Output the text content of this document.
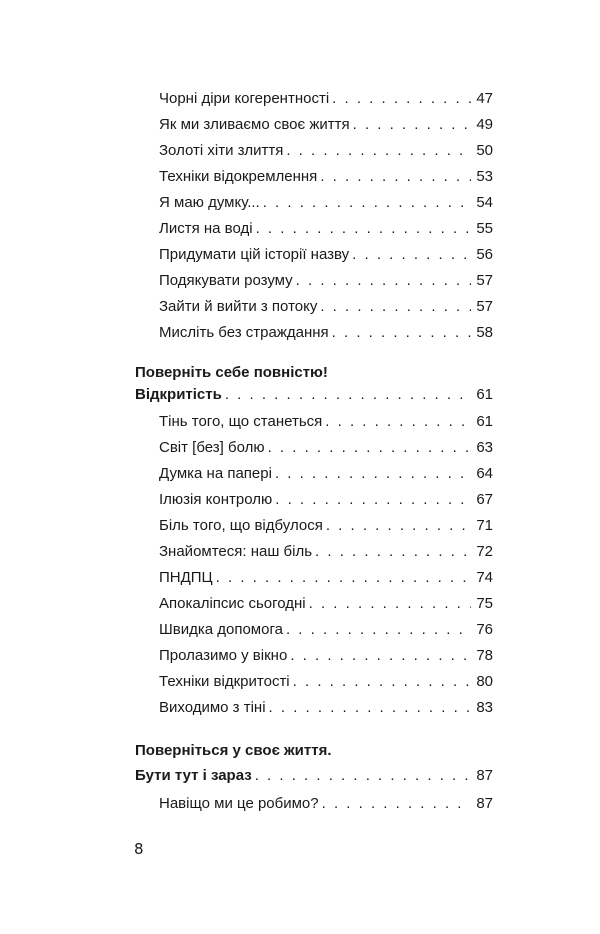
Чорні діри когерентності . . .	47
Як ми зливаємо своє життя . . .	49
Золоті хіти злиття . . .	50
Техніки відокремлення . . .	53
Я маю думку... . . .	54
Листя на воді . . .	55
Придумати цій історії назву . . .	56
Подякувати розуму . . .	57
Зайти й вийти з потоку . . .	57
Мисліть без страждання . . .	58
Поверніть себе повністю!
Відкритість . . .	61
Тінь того, що станеться . . .	61
Світ [без] болю . . .	63
Думка на папері . . .	64
Ілюзія контролю . . .	67
Біль того, що відбулося . . .	71
Знайомтеся: наш біль . . .	72
ПНДПЦ . . .	74
Апокаліпсис сьогодні . . .	75
Швидка допомога . . .	76
Пролазимо у вікно . . .	78
Техніки відкритості . . .	80
Виходимо з тіні . . .	83
Поверніться у своє життя.
Бути тут і зараз . . .	87
Навіщо ми це робимо? . . .	87
8
